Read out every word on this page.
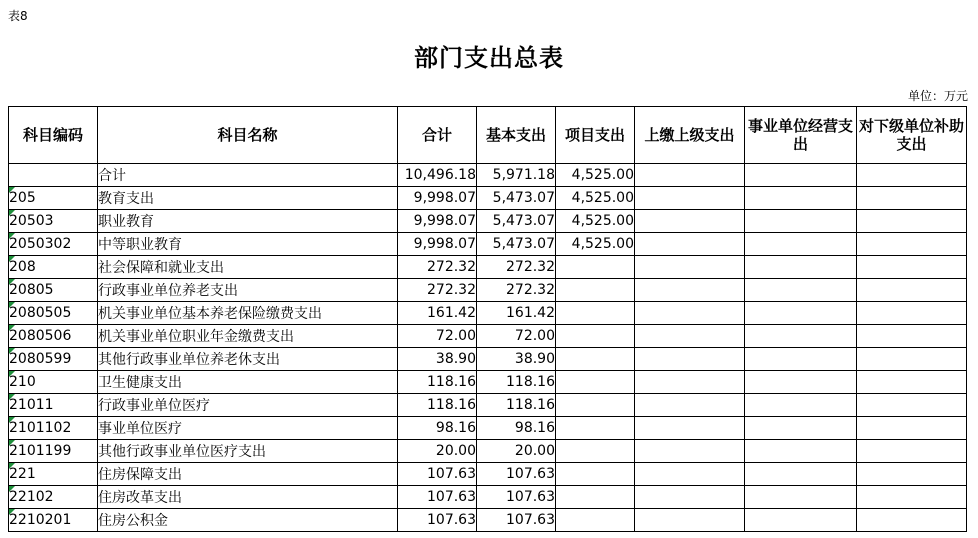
表8
部门支出总表
单位：万元
科目编码	科目名称	合计	基本支出	项目支出	上缴上级支出	事业单位经营支出	对下级单位补助支出
	合计	10,496.18	5,971.18	4,525.00			

205	教育支出	9,998.07	5,473.07	4,525.00			

20503	职业教育	9,998.07	5,473.07	4,525.00			

2050302	中等职业教育	9,998.07	5,473.07	4,525.00			

208	社会保障和就业支出	272.32	272.32				

20805	行政事业单位养老支出	272.32	272.32				

2080505	机关事业单位基本养老保险缴费支出	161.42	161.42				

2080506	机关事业单位职业年金缴费支出	72.00	72.00				

2080599	其他行政事业单位养老休支出	38.90	38.90				

210	卫生健康支出	118.16	118.16				

21011	行政事业单位医疗	118.16	118.16				

2101102	事业单位医疗	98.16	98.16				

2101199	其他行政事业单位医疗支出	20.00	20.00				

221	住房保障支出	107.63	107.63				

22102	住房改革支出	107.63	107.63				

2210201	住房公积金	107.63	107.63				
